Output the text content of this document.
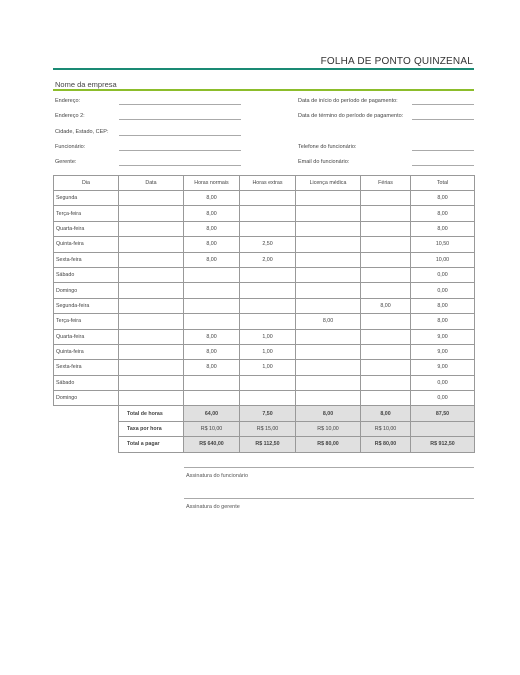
FOLHA DE PONTO QUINZENAL
Nome da empresa
Endereço:
Endereço 2:
Cidade, Estado, CEP:
Funcionário:
Gerente:
Data de início do período de pagamento:
Data de término do período de pagamento:
Telefone do funcionário:
Email do funcionário:
Dia	Data	Horas normais	Horas extras	Licença médica	Férias	Total
Segunda		8,00				8,00
Terça-feira		8,00				8,00
Quarta-feira		8,00				8,00
Quinta-feira		8,00	2,50			10,50
Sexta-feira		8,00	2,00			10,00
Sábado						0,00
Domingo						0,00
Segunda-feira					8,00	8,00
Terça-feira				8,00		8,00
Quarta-feira		8,00	1,00			9,00
Quinta-feira		8,00	1,00			9,00
Sexta-feira		8,00	1,00			9,00
Sábado						0,00
Domingo						0,00
	Total de horas	64,00	7,50	8,00	8,00	87,50
	Taxa por hora	R$ 10,00	R$ 15,00	R$ 10,00	R$ 10,00	
	Total a pagar	R$ 640,00	R$ 112,50	R$ 80,00	R$ 80,00	R$ 912,50
Assinatura do funcionário
Assinatura do gerente
